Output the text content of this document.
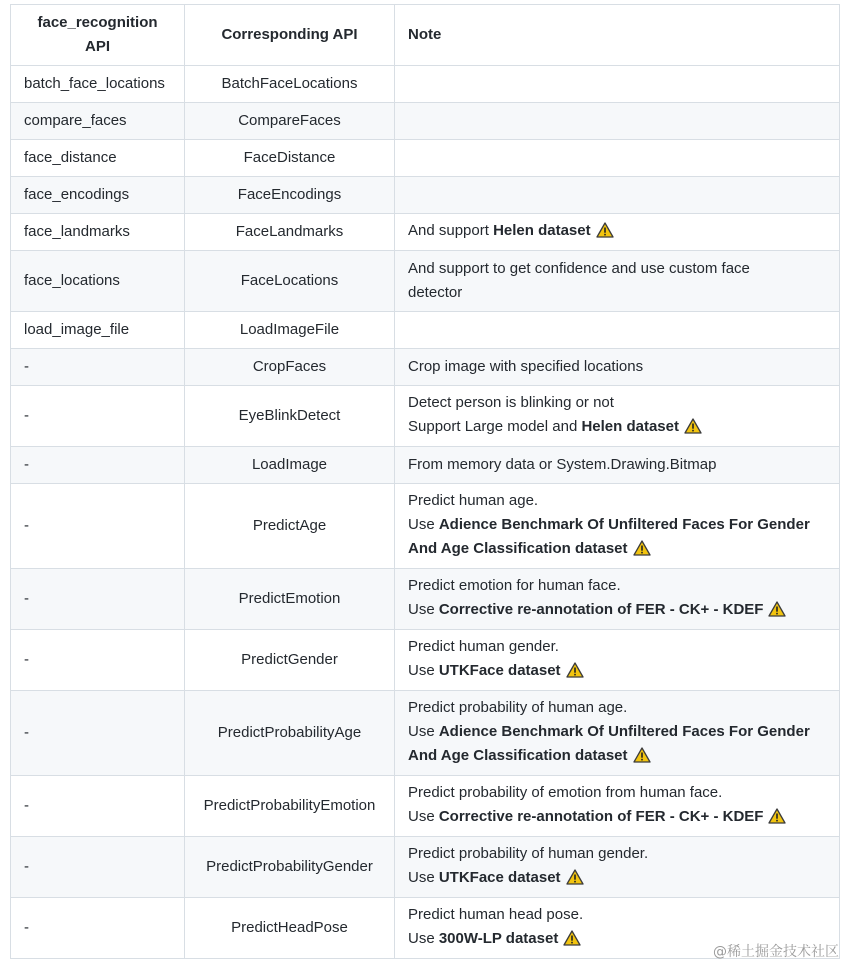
face_recognition API	Corresponding API	Note
batch_face_locations	BatchFaceLocations	
compare_faces	CompareFaces	
face_distance	FaceDistance	
face_encodings	FaceEncodings	
face_landmarks	FaceLandmarks	And support Helen dataset

face_locations	FaceLocations	And support to get confidence and use custom face
detector

load_image_file	LoadImageFile	
-	CropFaces	Crop image with specified locations

-	EyeBlinkDetect	Detect person is blinking or not
Support Large model and Helen dataset

-	LoadImage	From memory data or System.Drawing.Bitmap

-	PredictAge	Predict human age.
Use Adience Benchmark Of Unfiltered Faces For Gender
And Age Classification dataset

-	PredictEmotion	Predict emotion for human face.
Use Corrective re-annotation of FER - CK+ - KDEF

-	PredictGender	Predict human gender.
Use UTKFace dataset

-	PredictProbabilityAge	Predict probability of human age.
Use Adience Benchmark Of Unfiltered Faces For Gender
And Age Classification dataset

-	PredictProbabilityEmotion	Predict probability of emotion from human face.
Use Corrective re-annotation of FER - CK+ - KDEF

-	PredictProbabilityGender	Predict probability of human gender.
Use UTKFace dataset

-	PredictHeadPose	Predict human head pose.
Use 300W-LP dataset
@稀土掘金技术社区
